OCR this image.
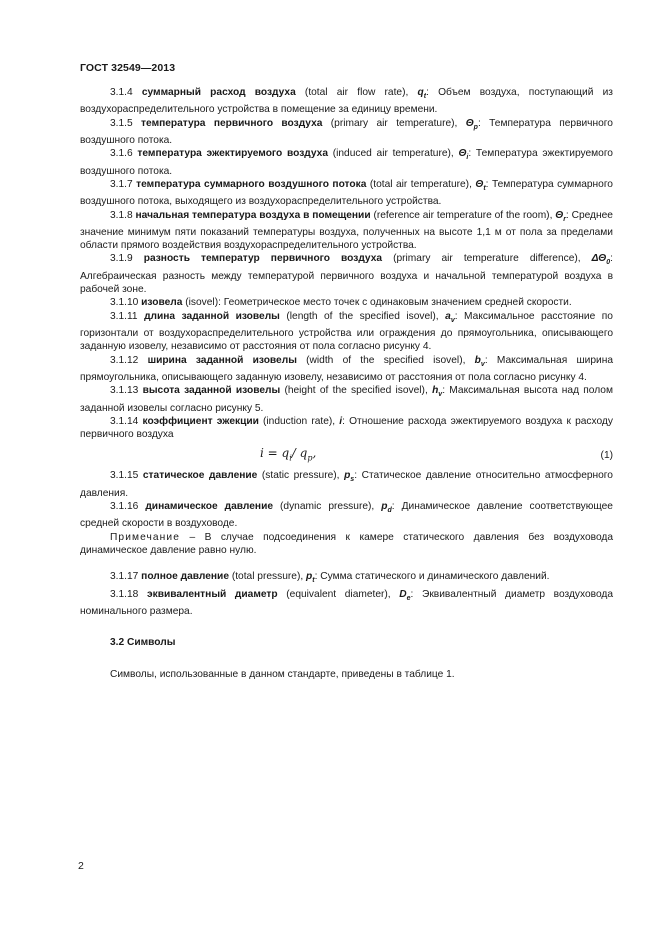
ГОСТ 32549—2013

3.1.4 суммарный расход воздуха (total air flow rate), $q_t$: Объем воздуха, поступающий из воздухораспределительного устройства в помещение за единицу времени.

3.1.5 температура первичного воздуха (primary air temperature), $\Theta_p$: Температура первичного воздушного потока.

3.1.6 температура эжектируемого воздуха (induced air temperature), $\Theta_i$: Температура эжектируемого воздушного потока.

3.1.7 температура суммарного воздушного потока (total air temperature), $\Theta_t$: Температура суммарного воздушного потока, выходящего из воздухораспределительного устройства.

3.1.8 начальная температура воздуха в помещении (reference air temperature of the room), $\Theta_r$: Среднее значение минимум пяти показаний температуры воздуха, полученных на высоте 1,1 м от пола за пределами области прямого воздействия воздухораспределительного устройства.

3.1.9 разность температур первичного воздуха (primary air temperature difference), $\Delta\Theta_0$: Алгебраическая разность между температурой первичного воздуха и начальной температурой воздуха в рабочей зоне.

3.1.10 изовела (isovel): Геометрическое место точек с одинаковым значением средней скорости.

3.1.11 длина заданной изовелы (length of the specified isovel), $a_v$: Максимальное расстояние по горизонтали от воздухораспределительного устройства или ограждения до прямоугольника, описывающего заданную изовелу, независимо от расстояния от пола согласно рисунку 4.

3.1.12 ширина заданной изовелы (width of the specified isovel), $b_v$: Максимальная ширина прямоугольника, описывающего заданную изовелу, независимо от расстояния от пола согласно рисунку 4.

3.1.13 высота заданной изовелы (height of the specified isovel), $h_v$: Максимальная высота над полом заданной изовелы согласно рисунку 5.

3.1.14 коэффициент эжекции (induction rate), i: Отношение расхода эжектируемого воздуха к расходу первичного воздуха

$i = q_i/$ $q_p$,	(1)

3.1.15 статическое давление (static pressure), $p_s$: Статическое давление относительно атмосферного давления.

3.1.16 динамическое давление (dynamic pressure), $p_d$: Динамическое давление соответствующее средней скорости в воздуховоде.

Примечание – В случае подсоединения к камере статического давления без воздуховода динамическое давление равно нулю.

3.1.17 полное давление (total pressure), $p_t$: Сумма статического и динамического давлений.

3.1.18 эквивалентный диаметр (equivalent diameter), $D_e$: Эквивалентный диаметр воздуховода номинального размера.

3.2 Символы

Символы, использованные в данном стандарте, приведены в таблице 1.

2
